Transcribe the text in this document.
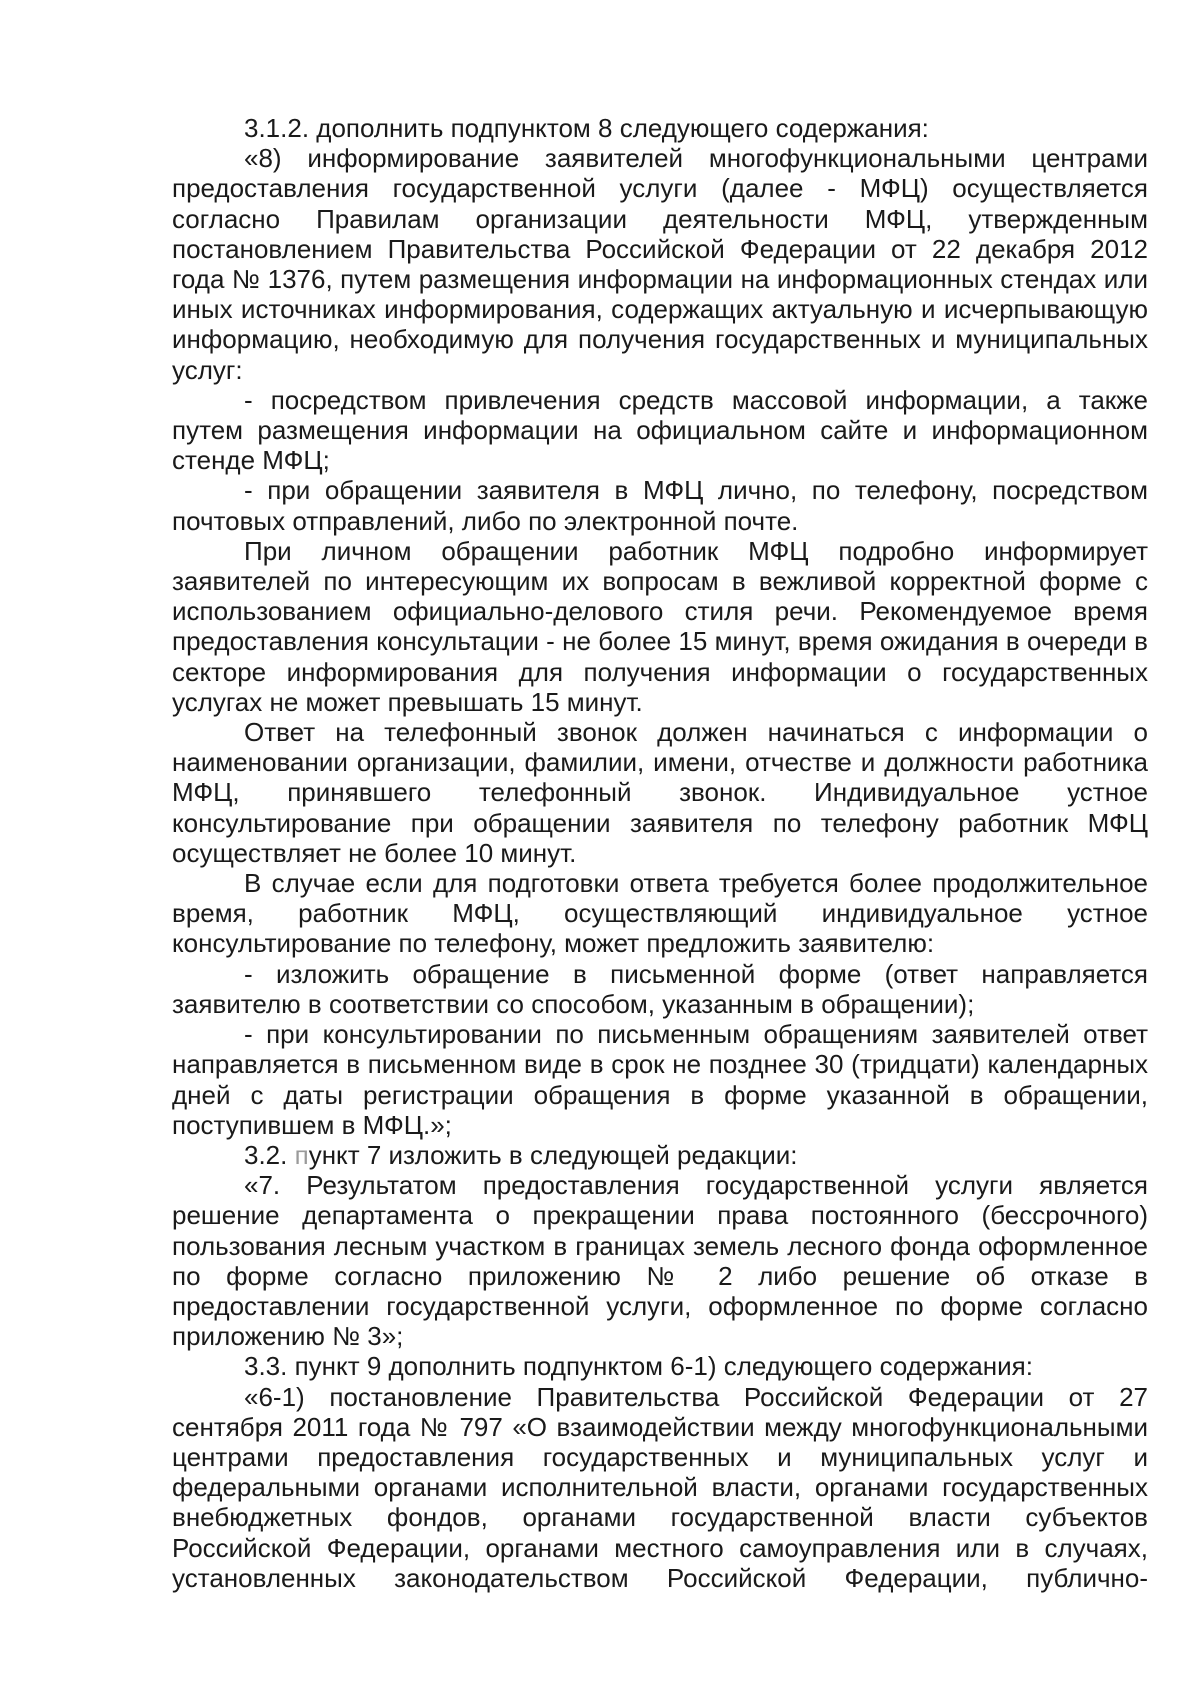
3.1.2. дополнить подпунктом 8 следующего содержания:

«8) информирование заявителей многофункциональными центрами предоставления государственной услуги (далее - МФЦ) осуществляется согласно Правилам организации деятельности МФЦ, утвержденным постановлением Правительства Российской Федерации от 22 декабря 2012 года № 1376, путем размещения информации на информационных стендах или иных источниках информирования, содержащих актуальную и исчерпывающую информацию, необходимую для получения государственных и муниципальных услуг:

- посредством привлечения средств массовой информации, а также путем размещения информации на официальном сайте и информационном стенде МФЦ;

- при обращении заявителя в МФЦ лично, по телефону, посредством почтовых отправлений, либо по электронной почте.

При личном обращении работник МФЦ подробно информирует заявителей по интересующим их вопросам в вежливой корректной форме с использованием официально-делового стиля речи. Рекомендуемое время предоставления консультации - не более 15 минут, время ожидания в очереди в секторе информирования для получения информации о государственных услугах не может превышать 15 минут.

Ответ на телефонный звонок должен начинаться с информации о наименовании организации, фамилии, имени, отчестве и должности работника МФЦ, принявшего телефонный звонок. Индивидуальное устное консультирование при обращении заявителя по телефону работник МФЦ осуществляет не более 10 минут.

В случае если для подготовки ответа требуется более продолжительное время, работник МФЦ, осуществляющий индивидуальное устное консультирование по телефону, может предложить заявителю:

- изложить обращение в письменной форме (ответ направляется заявителю в соответствии со способом, указанным в обращении);

- при консультировании по письменным обращениям заявителей ответ направляется в письменном виде в срок не позднее 30 (тридцати) календарных дней с даты регистрации обращения в форме указанной в обращении, поступившем в МФЦ.»;

3.2. пункт 7 изложить в следующей редакции:

«7. Результатом предоставления государственной услуги является решение департамента о прекращении права постоянного (бессрочного) пользования лесным участком в границах земель лесного фонда оформленное по форме согласно приложению № 2 либо решение об отказе в предоставлении государственной услуги, оформленное по форме согласно приложению № 3»;

3.3. пункт 9 дополнить подпунктом 6-1) следующего содержания:

«6-1) постановление Правительства Российской Федерации от 27 сентября 2011 года № 797 «О взаимодействии между многофункциональными центрами предоставления государственных и муниципальных услуг и федеральными органами исполнительной власти, органами государственных внебюджетных фондов, органами государственной власти субъектов Российской Федерации, органами местного самоуправления или в случаях, установленных законодательством Российской Федерации, публично-
